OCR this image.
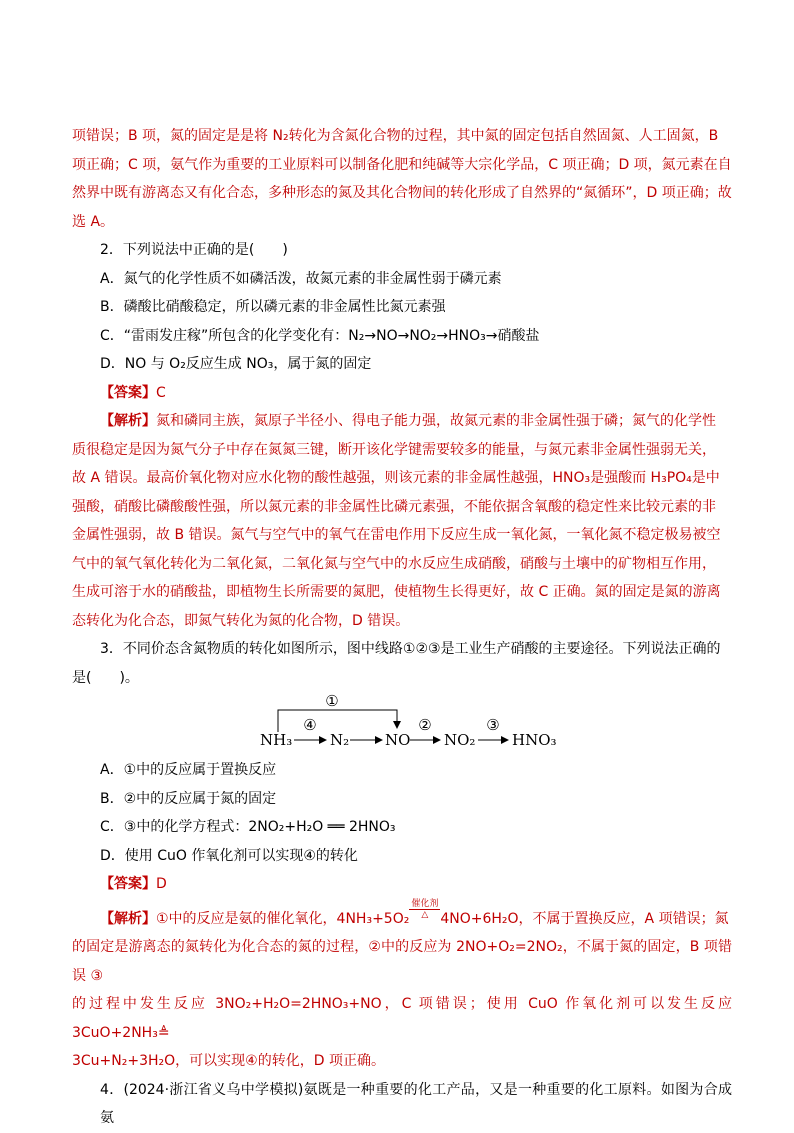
项错误；B 项，氮的固定是是将 N₂转化为含氮化合物的过程，其中氮的固定包括自然固氮、人工固氮，B

项正确；C 项，氨气作为重要的工业原料可以制备化肥和纯碱等大宗化学品，C 项正确；D 项，氮元素在自

然界中既有游离态又有化合态，多种形态的氮及其化合物间的转化形成了自然界的“氮循环”，D 项正确；故

选 A。

2．下列说法中正确的是(　　)

A．氮气的化学性质不如磷活泼，故氮元素的非金属性弱于磷元素

B．磷酸比硝酸稳定，所以磷元素的非金属性比氮元素强

C．“雷雨发庄稼”所包含的化学变化有：N₂→NO→NO₂→HNO₃→硝酸盐

D．NO 与 O₂反应生成 NO₃，属于氮的固定

【答案】C

【解析】氮和磷同主族，氮原子半径小、得电子能力强，故氮元素的非金属性强于磷；氮气的化学性

质很稳定是因为氮气分子中存在氮氮三键，断开该化学键需要较多的能量，与氮元素非金属性强弱无关，

故 A 错误。最高价氧化物对应水化物的酸性越强，则该元素的非金属性越强，HNO₃是强酸而 H₃PO₄是中

强酸，硝酸比磷酸酸性强，所以氮元素的非金属性比磷元素强，不能依据含氧酸的稳定性来比较元素的非

金属性强弱，故 B 错误。氮气与空气中的氧气在雷电作用下反应生成一氧化氮，一氧化氮不稳定极易被空

气中的氧气氧化转化为二氧化氮，二氧化氮与空气中的水反应生成硝酸，硝酸与土壤中的矿物相互作用，

生成可溶于水的硝酸盐，即植物生长所需要的氮肥，使植物生长得更好，故 C 正确。氮的固定是氮的游离

态转化为化合态，即氮气转化为氮的化合物，D 错误。

3．不同价态含氮物质的转化如图所示，图中线路①②③是工业生产硝酸的主要途径。下列说法正确的

是(　　)。

①
NH₃	N₂ NO NO₂ HNO₃
④	②	③

A．①中的反应属于置换反应

B．②中的反应属于氮的固定

C．③中的化学方程式：2NO₂+H₂O ══ 2HNO₃

D．使用 CuO 作氧化剂可以实现④的转化

【答案】D

【解析】①中的反应是氨的催化氧化，4NH₃+5O₂
催化剂
△ 4NO+6H₂O，不属于置换反应，A 项错误；氮

的固定是游离态的氮转化为化合态的氮的过程，②中的反应为 2NO+O₂=2NO₂，不属于氮的固定，B 项错误 ③

的过程中发生反应 3NO₂+H₂O=2HNO₃+NO，C 项错误；使用 CuO 作氧化剂可以发生反应 3CuO+2NH₃≜

3Cu+N₂+3H₂O，可以实现④的转化，D 项正确。

4．(2024·浙江省义乌中学模拟)氨既是一种重要的化工产品，又是一种重要的化工原料。如图为合成氨
